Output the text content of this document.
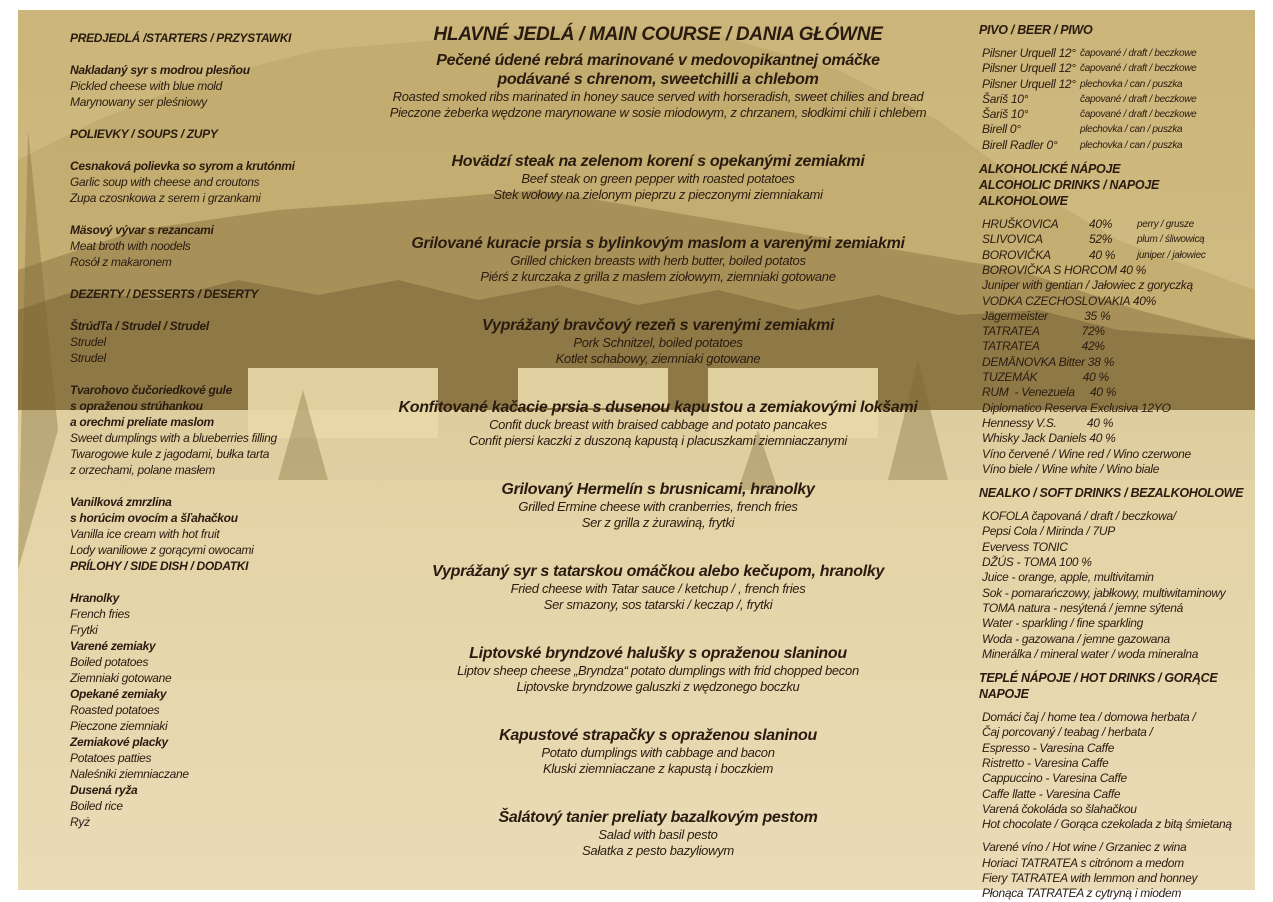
PREDJEDLÁ /STARTERS / PRZYSTAWKI
Nakladaný syr s modrou plesňou
Pickled cheese with blue mold
Marynowany ser pleśniowy
POLIEVKY / SOUPS / ZUPY
Cesnaková polievka so syrom a krutónmi
Garlic soup with cheese and croutons
Zupa czosnkowa z serem i grzankami
Mäsový vývar s rezancami
Meat broth with noodels
Rosół z makaronem
DEZERTY / DESSERTS / DESERTY
Štrúďľa / Strudel / Strudel
Strudel
Strudel
Tvarohovo čučoriedkové gule
s opraženou strúhankou
a orechmi preliate maslom
Sweet dumplings with a blueberries filling
Twarogowe kule z jagodami, bułka tarta
z orzechami, polane masłem
Vanilková zmrzlina
s horúcim ovocím a šľahačkou
Vanilla ice cream with hot fruit
Lody waniliowe z gorącymi owocami
PRÍLOHY / SIDE DISH / DODATKI
Hranolky
French fries
Frytki
Varené zemiaky
Boiled potatoes
Ziemniaki gotowane
Opekané zemiaky
Roasted potatoes
Pieczone ziemniaki
Zemiakové placky
Potatoes patties
Naleśniki ziemniaczane
Dusená ryža
Boiled rice
Ryż
HLAVNÉ JEDLÁ / MAIN COURSE / DANIA GŁÓWNE
Pečené údené rebrá marinované v medovopikantnej omáčke
podávané s chrenom, sweetchilli a chlebom
Roasted smoked ribs marinated in honey sauce served with horseradish, sweet chilies and bread
Pieczone żeberka wędzone marynowane w sosie miodowym, z chrzanem, słodkimi chili i chlebem
Hovädzí steak na zelenom korení s opekanými zemiakmi
Beef steak on green pepper with roasted potatoes
Stek wołowy na zielonym pieprzu z pieczonymi ziemniakami
Grilované kuracie prsia s bylinkovým maslom a varenými zemiakmi
Grilled chicken breasts with herb butter, boiled potatos
Piérś z kurczaka z grilla z masłem ziołowym, ziemniaki gotowane
Vyprážaný bravčový rezeň s varenými zemiakmi
Pork Schnitzel, boiled potatoes
Kotlet schabowy, ziemniaki gotowane
Konfitované kačacie prsia s dusenou kapustou a zemiakovými lokšami
Confit duck breast with braised cabbage and potato pancakes
Confit piersi kaczki z duszoną kapustą i placuszkami ziemniaczanymi
Grilovaný Hermelín s brusnicami, hranolky
Grilled Ermine cheese with cranberries, french fries
Ser z grilla z żurawiną, frytki
Vyprážaný syr s tatarskou omáčkou alebo kečupom, hranolky
Fried cheese with Tatar sauce / ketchup / , french fries
Ser smazony, sos tatarski / keczap /, frytki
Liptovské bryndzové halušky s opraženou slaninou
Liptov sheep cheese „Bryndza“ potato dumplings with frid chopped becon
Liptovske bryndzowe galuszki z wędzonego boczku
Kapustové strapačky s opraženou slaninou
Potato dumplings with cabbage and bacon
Kluski ziemniaczane z kapustą i boczkiem
Šalátový tanier preliaty bazalkovým pestom
Salad with basil pesto
Sałatka z pesto bazyliowym
PIVO / BEER / PIWO
Pilsner Urquell 12° čapované / draft / beczkowe
Pilsner Urquell 12° čapované / draft / beczkowe
Pilsner Urquell 12° plechovka / can / puszka
Šariš 10°	čapované / draft / beczkowe
Šariš 10°	čapované / draft / beczkowe
Birell 0°	plechovka / can / puszka
Birell Radler 0°	plechovka / can / puszka
ALKOHOLICKÉ NÁPOJE
ALCOHOLIC DRINKS / NAPOJE ALKOHOLOWE
HRUŠKOVICA	40%	perry / grusze
SLIVOVICA	52%	plum / śliwowicą
BOROVIČKA	40 %	juniper / jałowiec
BOROVIČKA S HORCOM 40 %
Juniper with gentian / Jałowiec z goryczką
VODKA CZECHOSLOVAKIA 40%
Jägermeister            35 %
TATRATEA              72%
TATRATEA              42%
DEMÄNOVKA Bitter 38 %
TUZEMÁK               40 %
RUM  - Venezuela     40 %
Diplomatico Reserva Exclusiva 12YO
Hennessy V.S.          40 %
Whisky Jack Daniels 40 %
Víno červené / Wine red / Wino czerwone
Víno biele / Wine white / Wino biale
NEALKO / SOFT DRINKS / BEZALKOHOLOWE
KOFOLA čapovaná / draft / beczkowa/
Pepsi Cola / Mirinda / 7UP
Evervess TONIC
DŽÚS - TOMA 100 %
Juice - orange, apple, multivitamin
Sok - pomarańczowy, jabłkowy, multiwitaminowy
TOMA natura - nesýtená / jemne sýtená
Water - sparkling / fine sparkling
Woda - gazowana / jemne gazowana
Minerálka / mineral water / woda mineralna
TEPLÉ NÁPOJE / HOT DRINKS / GORĄCE NAPOJE
Domáci čaj / home tea / domowa herbata /
Čaj porcovaný / teabag / herbata /
Espresso - Varesina Caffe
Ristretto - Varesina Caffe
Cappuccino - Varesina Caffe
Caffe llatte - Varesina Caffe
Varená čokoláda so šlahačkou
Hot chocolate / Gorąca czekolada z bitą śmietaną
Varené víno / Hot wine / Grzaniec z wina
Horiaci TATRATEA s citrónom a medom
Fiery TATRATEA with lemmon and honney
Płonąca TATRATEA z cytryną i miodem
